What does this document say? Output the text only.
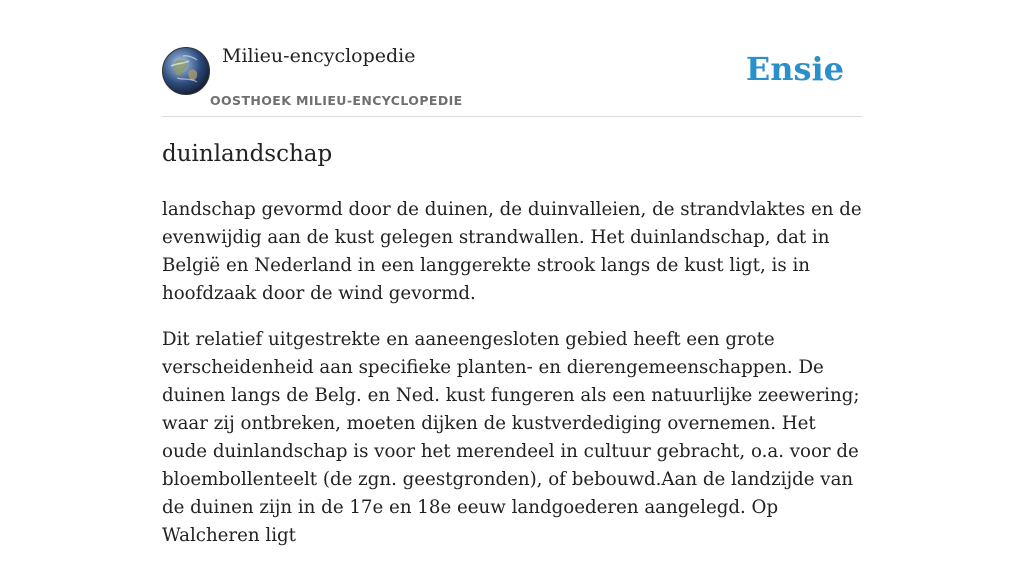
Milieu-encyclopedie
OOSTHOEK MILIEU-ENCYCLOPEDIE
Ensie
duinlandschap

landschap gevormd door de duinen, de duinvalleien, de strandvlaktes en de evenwijdig aan de kust gelegen strandwallen. Het duinlandschap, dat in België en Nederland in een langgerekte strook langs de kust ligt, is in hoofdzaak door de wind gevormd.

Dit relatief uitgestrekte en aaneengesloten gebied heeft een grote verscheidenheid aan specifieke planten- en dierengemeenschappen. De duinen langs de Belg. en Ned. kust fungeren als een natuurlijke zeewering; waar zij ontbreken, moeten dijken de kustverdediging overnemen. Het oude duinlandschap is voor het merendeel in cultuur gebracht, o.a. voor de bloembollenteelt (de zgn. geestgronden), of bebouwd.Aan de landzijde van de duinen zijn in de 17e en 18e eeuw landgoederen aangelegd. Op Walcheren ligt
